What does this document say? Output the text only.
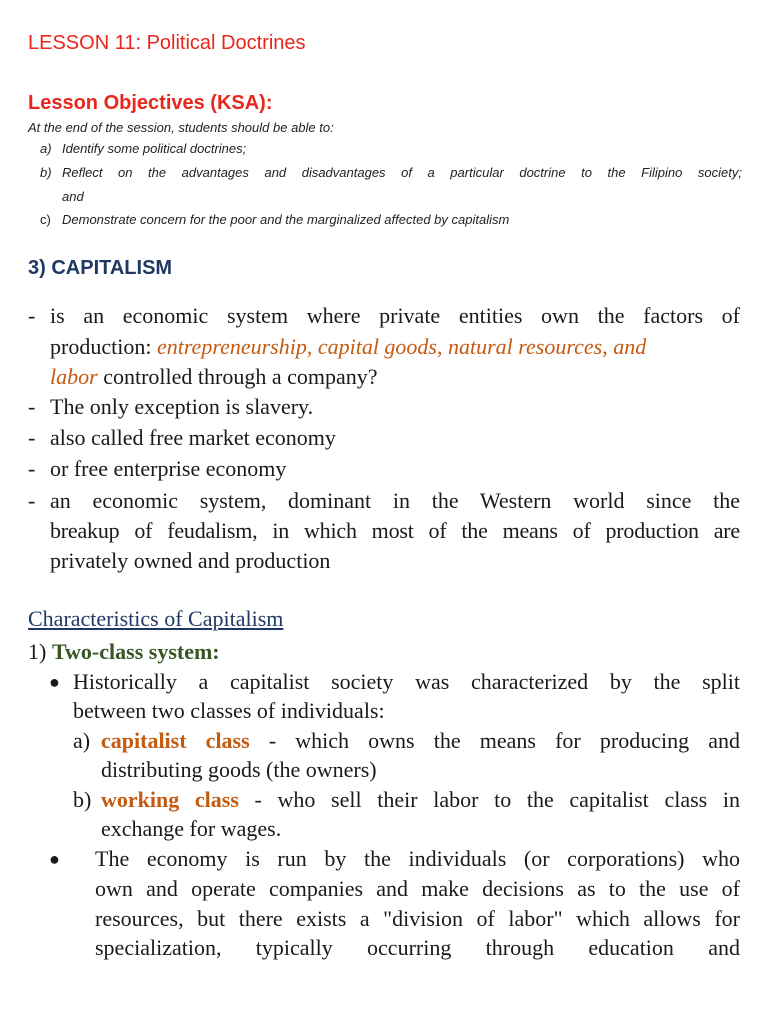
LESSON 11: Political Doctrines
Lesson Objectives (KSA):
At the end of the session, students should be able to:
a) Identify some political doctrines;
b) Reflect on the advantages and disadvantages of a particular doctrine to the Filipino society;
and
c) Demonstrate concern for the poor and the marginalized affected by capitalism
3) CAPITALISM
- is an economic system where private entities own the factors of
production: entrepreneurship, capital goods, natural resources, and
labor controlled through a company?
- The only exception is slavery.
- also called free market economy
- or free enterprise economy
- an economic system, dominant in the Western world since the
breakup of feudalism, in which most of the means of production are
privately owned and production
Characteristics of Capitalism
1) Two-class system:
● Historically a capitalist society was characterized by the split
between two classes of individuals:
a) capitalist class - which owns the means for producing and
distributing goods (the owners)
b) working class - who sell their labor to the capitalist class in
exchange for wages.
● The economy is run by the individuals (or corporations) who
own and operate companies and make decisions as to the use of
resources, but there exists a "division of labor" which allows for
specialization, typically occurring through education and
